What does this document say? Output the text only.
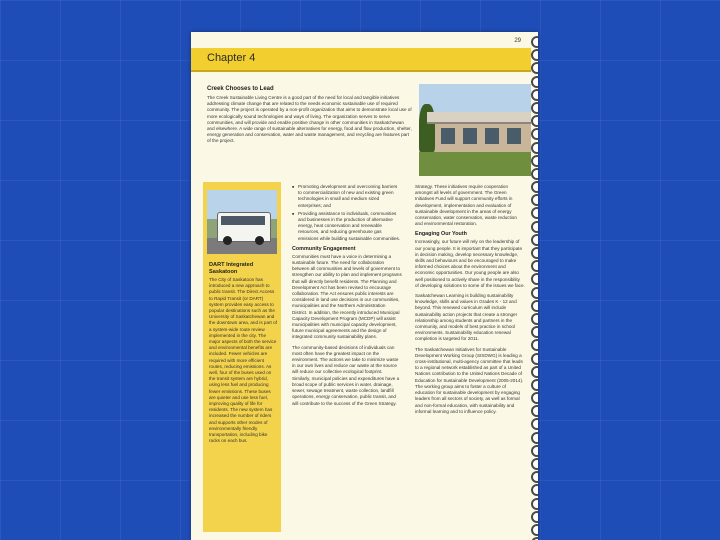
Chapter 4
29
Creek Chooses to Lead
The Creek Sustainable Living Centre is a good part of the need for local and tangible initiatives addressing climate change that are related to the needs economic sustainable use of required community. The project is operated by a non-profit organization that aims to demonstrate local use of more ecologically sound technologies and ways of living. The organization serves to serve communities, and will provide and enable positive change in other communities in Saskatchewan and elsewhere. A wide range of sustainable alternatives for energy, food and flow production, shelter, energy generation and conservation, water and waste management, and recycling are features part of the project.
DART Integrated Saskatoon
The City of Saskatoon has introduced a new approach to public transit. The Direct Access to Rapid Transit (or DART) system provides easy access to popular destinations such as the University of Saskatchewan and the downtown area, and is part of a system-wide route review implemented in the city. The major aspects of both the service and environmental benefits are included. Fewer vehicles are required with more efficient routes, reducing emissions. As well, four of the buses used on the transit system are hybrid, using less fuel and producing fewer emissions. These buses are quieter and use less fuel, improving quality of life for residents. The new system has increased the number of riders and supports other modes of environmentally friendly transportation, including bike racks on each bus.
■ Promoting development and overcoming barriers to commercialization of new and existing green technologies in small and medium sized enterprises; and
■ Providing assistance to individuals, communities and businesses in the production of alternative energy, heat conservation and renewable resources, and reducing greenhouse gas emissions while building sustainable communities.
Community Engagement
Communities must have a voice in determining a sustainable future. The need for collaboration between all communities and levels of government to strengthen our ability to plan and implement programs that will directly benefit residents. The Planning and Development Act has been revised to encourage collaboration. The Act ensures public interests are considered in land use decisions in our communities, municipalities and the Northern Administration District. In addition, the recently introduced Municipal Capacity Development Program (MCDP) will assist municipalities with municipal capacity development, future municipal agreements and the design of integrated community sustainability plans.
The community-based decisions of individuals can most often have the greatest impact on the environment. The actions we take to minimize waste in our own lives and reduce our waste at the source will reduce our collective ecological footprint. Similarly, municipal policies and expenditures have a broad scope of public services in water, drainage, sewer, sewage treatment, waste collection, landfill operations, energy conservation, public transit, and will contribute to the success of the Green Strategy.
Strategy. These initiatives require cooperation amongst all levels of government. The Green Initiatives Fund will support community efforts in development, implementation and evaluation of sustainable development in the areas of energy conservation, water conservation, waste reduction and environmental restoration.
Engaging Our Youth
Increasingly, our future will rely on the leadership of our young people. It is important that they participate in decision making, develop necessary knowledge, skills and behaviours and be encouraged to make informed choices about the environment and economic opportunities. Our young people are also well positioned to actively share in the responsibility of developing solutions to some of the issues we face.
Saskatchewan Learning is building sustainability knowledge, skills and values in Grades K - 12 and beyond. This renewed curriculum will include sustainability action projects that create a stronger relationship among students and partners in the community, and models of best practice in school environments. Sustainability education renewal completion is targeted for 2011.
The Saskatchewan Initiatives for Sustainable Development Working Group (SISDWG) is leading a cross-institutional, multi-agency committee that leads to a regional network established as part of a United Nations contribution to the United Nations Decade of Education for Sustainable Development (2005-2014). The working group aims to foster a culture of education for sustainable development by engaging leaders from all sectors of society, as well as formal and non-formal education, with sustainability and informal learning and to influence policy.
